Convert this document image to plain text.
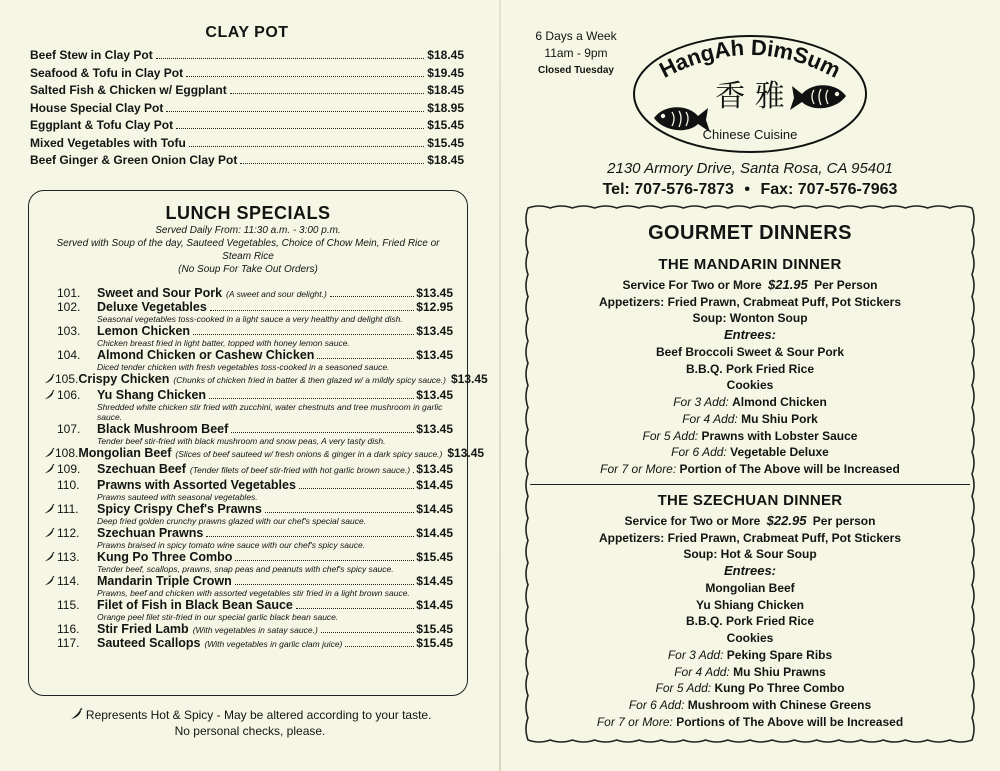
CLAY POT
Beef Stew in Clay Pot	$18.45
Seafood & Tofu in Clay Pot	$19.45
Salted Fish & Chicken w/ Eggplant	$18.45
House Special Clay Pot	$18.95
Eggplant & Tofu Clay Pot	$15.45
Mixed Vegetables with Tofu	$15.45
Beef Ginger & Green Onion Clay Pot	$18.45
LUNCH SPECIALS
Served Daily From: 11:30 a.m. - 3:00 p.m.
Served with Soup of the day, Sauteed Vegetables, Choice of Chow Mein, Fried Rice or Steam Rice
(No Soup For Take Out Orders)
101.	Sweet and Sour Pork (A sweet and sour delight.)	$13.45
102.	Deluxe Vegetables	$12.95
Seasonal vegetables toss-cooked in a light sauce a very healthy and delight dish.
103.	Lemon Chicken	$13.45
Chicken breast fried in light batter, topped with honey lemon sauce.
104.	Almond Chicken or Cashew Chicken	$13.45
Diced tender chicken with fresh vegetables toss-cooked in a seasoned sauce.
105. Crispy Chicken (Chunks of chicken fried in batter & then glazed w/ a mildly spicy sauce.) $13.45
106.	Yu Shang Chicken	$13.45
Shredded white chicken stir fried with zucchini, water chestnuts and tree mushroom in garlic sauce.
107.	Black Mushroom Beef	$13.45
Tender beef stir-fried with black mushroom and snow peas, A very tasty dish.
108. Mongolian Beef (Slices of beef sauteed w/ fresh onions & ginger in a dark spicy sauce.) $13.45
109.	Szechuan Beef (Tender filets of beef stir-fried with hot garlic brown sauce.) $13.45
110.	Prawns with Assorted Vegetables	$14.45
Prawns sauteed with seasonal vegetables.
111.	Spicy Crispy Chef's Prawns	$14.45
Deep fried golden crunchy prawns glazed with our chef's special sauce.
112.	Szechuan Prawns	$14.45
Prawns braised in spicy tomato wine sauce with our chef's spicy sauce.
113.	Kung Po Three Combo	$15.45
Tender beef, scallops, prawns, snap peas and peanuts with chef's spicy sauce.
114.	Mandarin Triple Crown	$14.45
Prawns, beef and chicken with assorted vegetables stir fried in a light brown sauce.
115.	Filet of Fish in Black Bean Sauce	$14.45
Orange peel filet stir-fried in our special garlic black bean sauce.
116.	Stir Fried Lamb (With vegetables in satay sauce.)	$15.45
117.	Sauteed Scallops (With vegetables in garlic clam juice)	$15.45
Represents Hot & Spicy - May be altered according to your taste.
No personal checks, please.
6 Days a Week
11am - 9pm
Closed Tuesday	HangAh DimSum
香 雅
Chinese Cuisine
2130 Armory Drive, Santa Rosa, CA 95401
Tel: 707-576-7873 • Fax: 707-576-7963
GOURMET DINNERS
THE MANDARIN DINNER
Service For Two or More $21.95 Per Person
Appetizers: Fried Prawn, Crabmeat Puff, Pot Stickers
Soup: Wonton Soup
Entrees:
Beef Broccoli Sweet & Sour Pork
B.B.Q. Pork Fried Rice
Cookies
For 3 Add: Almond Chicken
For 4 Add: Mu Shiu Pork
For 5 Add: Prawns with Lobster Sauce
For 6 Add: Vegetable Deluxe
For 7 or More: Portion of The Above will be Increased
THE SZECHUAN DINNER
Service for Two or More $22.95 Per person
Appetizers: Fried Prawn, Crabmeat Puff, Pot Stickers
Soup: Hot & Sour Soup
Entrees:
Mongolian Beef
Yu Shiang Chicken
B.B.Q. Pork Fried Rice
Cookies
For 3 Add: Peking Spare Ribs
For 4 Add: Mu Shiu Prawns
For 5 Add: Kung Po Three Combo
For 6 Add: Mushroom with Chinese Greens
For 7 or More: Portions of The Above will be Increased
